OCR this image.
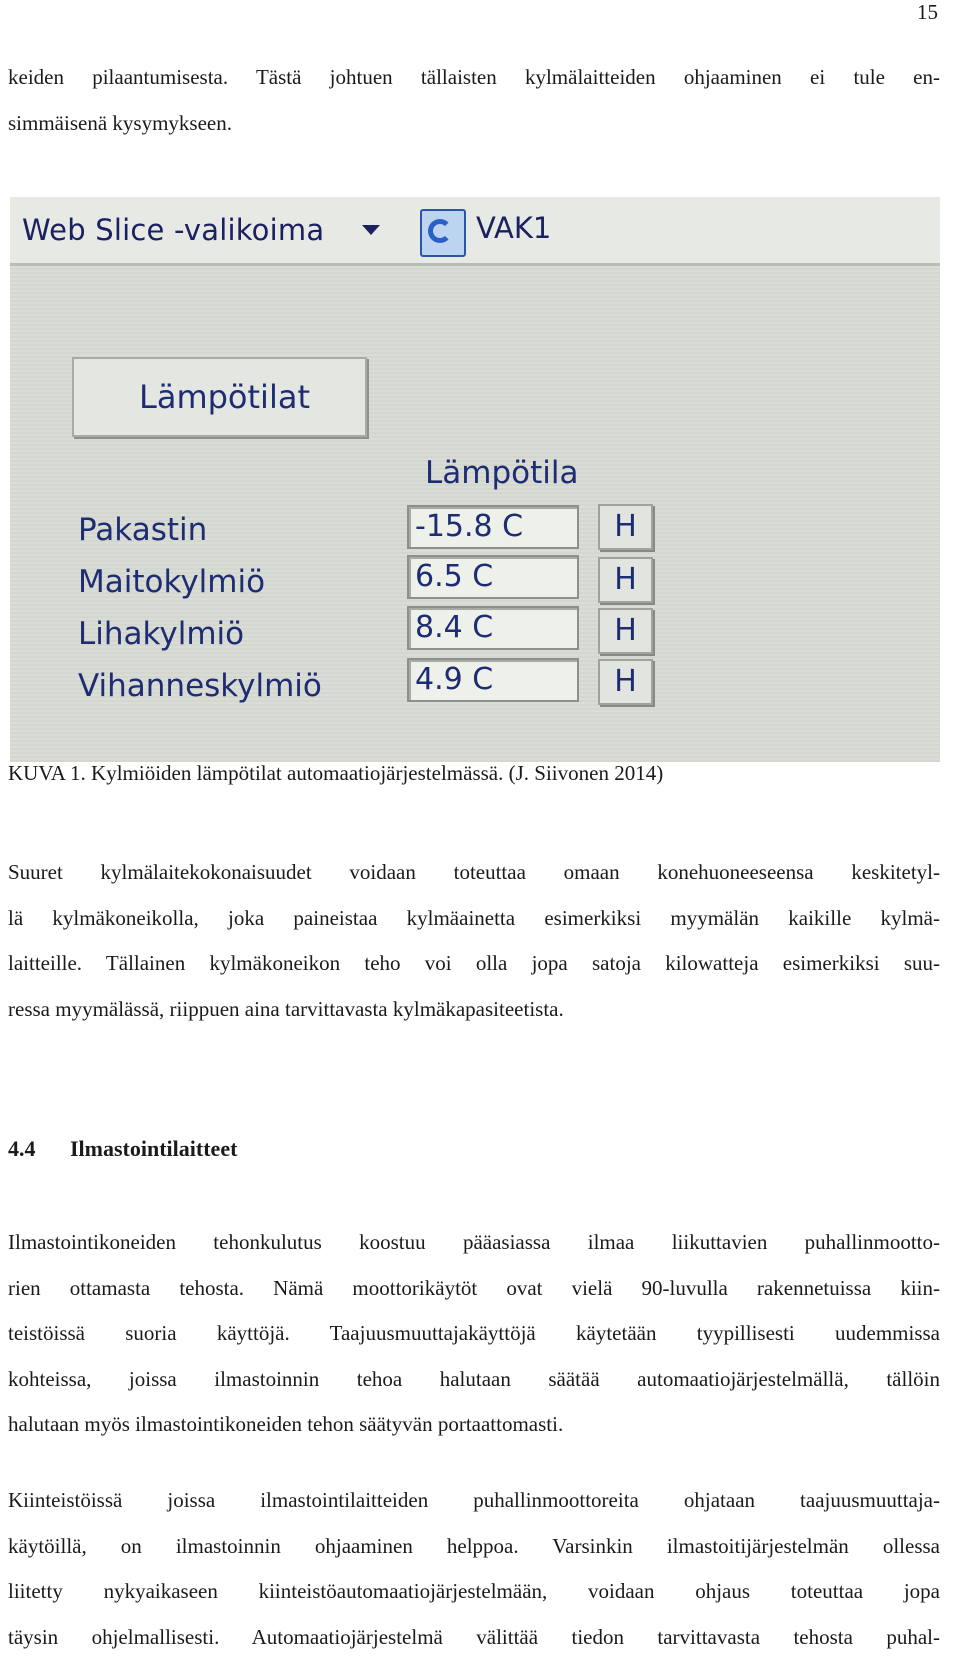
15
keiden pilaantumisesta. Tästä johtuen tällaisten kylmälaitteiden ohjaaminen ei tule en-
simmäisenä kysymykseen.
Web Slice -valikoima	VAK1
Lämpötilat
Lämpötila
Pakastin	-15.8 C	H
Maitokylmiö	6.5 C	H
Lihakylmiö	8.4 C	H
Vihanneskylmiö	4.9 C	H
KUVA 1. Kylmiöiden lämpötilat automaatiojärjestelmässä. (J. Siivonen 2014)
Suuret kylmälaitekokonaisuudet voidaan toteuttaa omaan konehuoneeseensa keskitetyl-
lä kylmäkoneikolla, joka paineistaa kylmäainetta esimerkiksi myymälän kaikille kylmä-
laitteille. Tällainen kylmäkoneikon teho voi olla jopa satoja kilowatteja esimerkiksi suu-
ressa myymälässä, riippuen aina tarvittavasta kylmäkapasiteetista.
4.4 Ilmastointilaitteet
Ilmastointikoneiden tehonkulutus koostuu pääasiassa ilmaa liikuttavien puhallinmootto-
rien ottamasta tehosta. Nämä moottorikäytöt ovat vielä 90-luvulla rakennetuissa kiin-
teistöissä suoria käyttöjä. Taajuusmuuttajakäyttöjä käytetään tyypillisesti uudemmissa
kohteissa, joissa ilmastoinnin tehoa halutaan säätää automaatiojärjestelmällä, tällöin
halutaan myös ilmastointikoneiden tehon säätyvän portaattomasti.
Kiinteistöissä joissa ilmastointilaitteiden puhallinmoottoreita ohjataan taajuusmuuttaja-
käytöillä, on ilmastoinnin ohjaaminen helppoa. Varsinkin ilmastoitijärjestelmän ollessa
liitetty nykyaikaseen kiinteistöautomaatiojärjestelmään, voidaan ohjaus toteuttaa jopa
täysin ohjelmallisesti. Automaatiojärjestelmä välittää tiedon tarvittavasta tehosta puhal-
